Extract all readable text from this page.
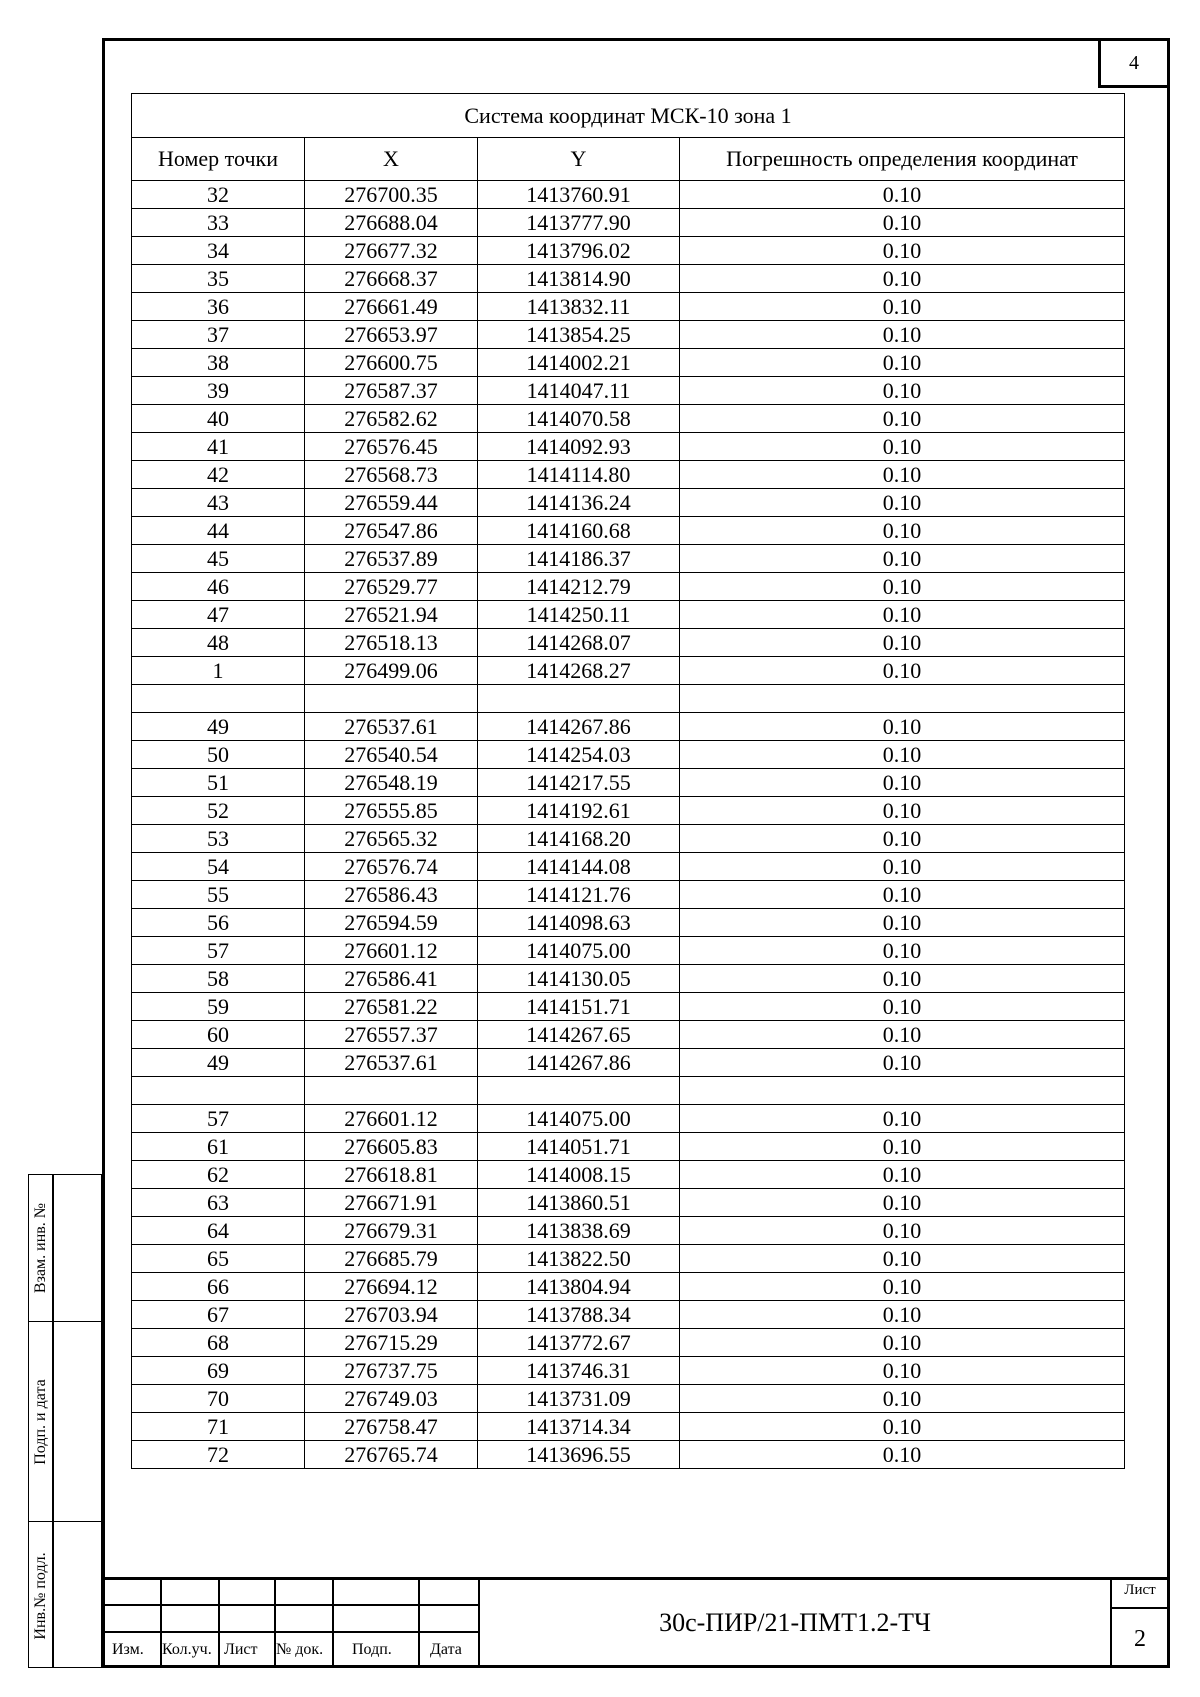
4
Система координат МСК-10 зона 1			
Номер точки	X	Y	Погрешность определения координат
32	276700.35	1413760.91	0.10
33	276688.04	1413777.90	0.10
34	276677.32	1413796.02	0.10
35	276668.37	1413814.90	0.10
36	276661.49	1413832.11	0.10
37	276653.97	1413854.25	0.10
38	276600.75	1414002.21	0.10
39	276587.37	1414047.11	0.10
40	276582.62	1414070.58	0.10
41	276576.45	1414092.93	0.10
42	276568.73	1414114.80	0.10
43	276559.44	1414136.24	0.10
44	276547.86	1414160.68	0.10
45	276537.89	1414186.37	0.10
46	276529.77	1414212.79	0.10
47	276521.94	1414250.11	0.10
48	276518.13	1414268.07	0.10
1	276499.06	1414268.27	0.10

49	276537.61	1414267.86	0.10
50	276540.54	1414254.03	0.10
51	276548.19	1414217.55	0.10
52	276555.85	1414192.61	0.10
53	276565.32	1414168.20	0.10
54	276576.74	1414144.08	0.10
55	276586.43	1414121.76	0.10
56	276594.59	1414098.63	0.10
57	276601.12	1414075.00	0.10
58	276586.41	1414130.05	0.10
59	276581.22	1414151.71	0.10
60	276557.37	1414267.65	0.10
49	276537.61	1414267.86	0.10

57	276601.12	1414075.00	0.10
61	276605.83	1414051.71	0.10
62	276618.81	1414008.15	0.10
63	276671.91	1413860.51	0.10
64	276679.31	1413838.69	0.10
65	276685.79	1413822.50	0.10
66	276694.12	1413804.94	0.10
67	276703.94	1413788.34	0.10
68	276715.29	1413772.67	0.10
69	276737.75	1413746.31	0.10
70	276749.03	1413731.09	0.10
71	276758.47	1413714.34	0.10
72	276765.74	1413696.55	0.10
Взам. инв. №
Подп. и дата
Инв.№ подл.
Изм. Кол.уч. Лист № док. Подп. Дата
30с-ПИР/21-ПМТ1.2-ТЧ
Лист
2
